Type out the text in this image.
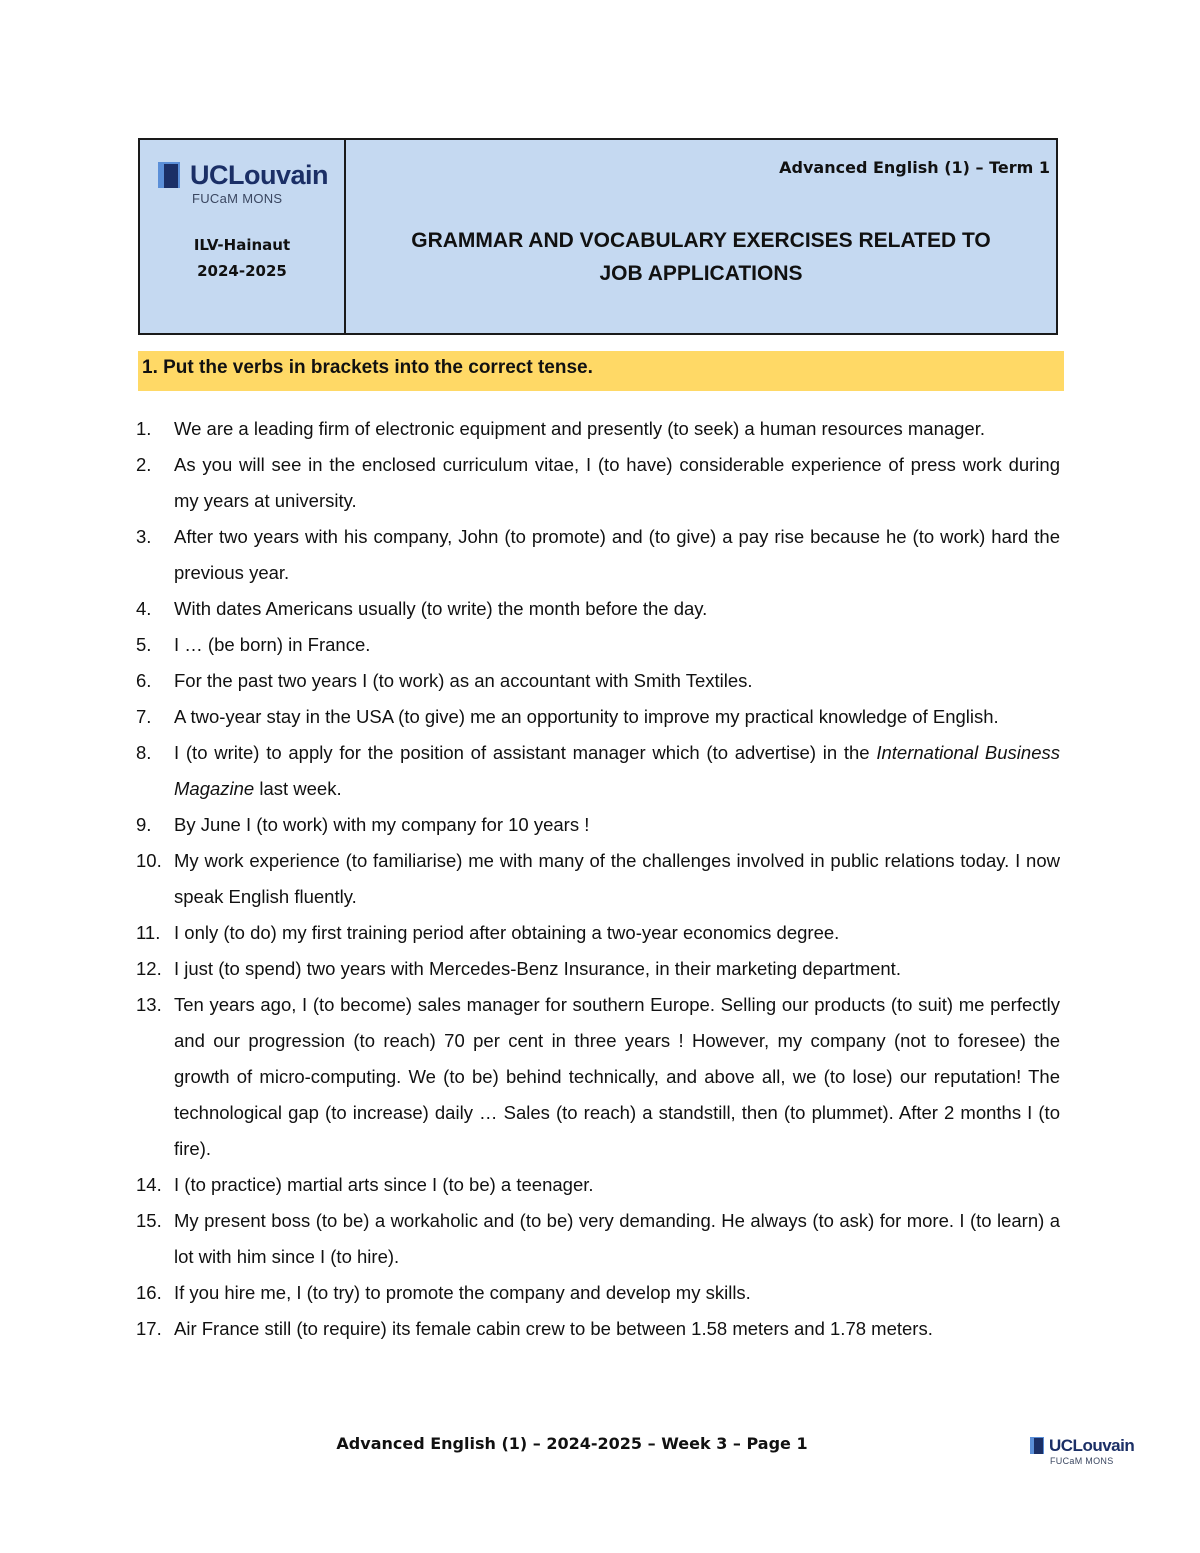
UCLouvain
FUCaM MONS
ILV-Hainaut
2024-2025
Advanced English (1) – Term 1
GRAMMAR AND VOCABULARY EXERCISES RELATED TO
JOB APPLICATIONS
1. Put the verbs in brackets into the correct tense.
1.	We are a leading firm of electronic equipment and presently (to seek) a human resources manager.
2.	As you will see in the enclosed curriculum vitae, I (to have) considerable experience of press work during my years at university.
3.	After two years with his company, John (to promote) and (to give) a pay rise because he (to work) hard the previous year.
4.	With dates Americans usually (to write) the month before the day.
5.	I … (be born) in France.
6.	For the past two years I (to work) as an accountant with Smith Textiles.
7.	A two-year stay in the USA (to give) me an opportunity to improve my practical knowledge of English.
8.	I (to write) to apply for the position of assistant manager which (to advertise) in the International Business Magazine last week.
9.	By June I (to work) with my company for 10 years !
10. My work experience (to familiarise) me with many of the challenges involved in public relations today. I now speak English fluently.
11. I only (to do) my first training period after obtaining a two-year economics degree.
12. I just (to spend) two years with Mercedes-Benz Insurance, in their marketing department.
13. Ten years ago, I (to become) sales manager for southern Europe. Selling our products (to suit) me perfectly and our progression (to reach) 70 per cent in three years ! However, my company (not to foresee) the growth of micro-computing. We (to be) behind technically, and above all, we (to lose) our reputation! The technological gap (to increase) daily … Sales (to reach) a standstill, then (to plummet). After 2 months I (to fire).
14. I (to practice) martial arts since I (to be) a teenager.
15. My present boss (to be) a workaholic and (to be) very demanding. He always (to ask) for more. I (to learn) a lot with him since I (to hire).
16. If you hire me, I (to try) to promote the company and develop my skills.
17. Air France still (to require) its female cabin crew to be between 1.58 meters and 1.78 meters.
Advanced English (1) – 2024-2025 – Week 3 – Page 1	UCLouvain
FUCaM MONS
